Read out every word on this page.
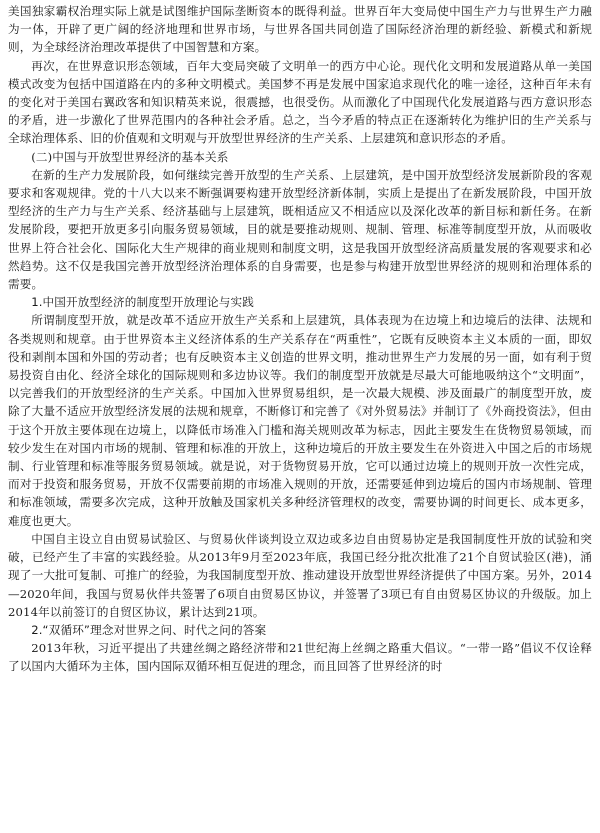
美国独家霸权治理实际上就是试图维护国际垄断资本的既得利益。世界百年大变局使中国生产力与世界生产力融为一体，开辟了更广阔的经济地理和世界市场，与世界各国共同创造了国际经济治理的新经验、新模式和新规则，为全球经济治理改革提供了中国智慧和方案。

再次，在世界意识形态领域，百年大变局突破了文明单一的西方中心论。现代化文明和发展道路从单一美国模式改变为包括中国道路在内的多种文明模式。美国梦不再是发展中国家追求现代化的唯一途径，这种百年未有的变化对于美国右翼政客和知识精英来说，很震撼，也很受伤。从而激化了中国现代化发展道路与西方意识形态的矛盾，进一步激化了世界范围内的各种社会矛盾。总之，当今矛盾的特点正在逐渐转化为维护旧的生产关系与全球治理体系、旧的价值观和文明观与开放型世界经济的生产关系、上层建筑和意识形态的矛盾。

(二)中国与开放型世界经济的基本关系

在新的生产力发展阶段，如何继续完善开放型的生产关系、上层建筑，是中国开放型经济发展新阶段的客观要求和客观规律。党的十八大以来不断强调要构建开放型经济新体制，实质上是提出了在新发展阶段，中国开放型经济的生产力与生产关系、经济基础与上层建筑，既相适应又不相适应以及深化改革的新目标和新任务。在新发展阶段，要把开放更多引向服务贸易领域，目的就是要推动规则、规制、管理、标准等制度型开放，从而吸收世界上符合社会化、国际化大生产规律的商业规则和制度文明，这是我国开放型经济高质量发展的客观要求和必然趋势。这不仅是我国完善开放型经济治理体系的自身需要，也是参与构建开放型世界经济的规则和治理体系的需要。

1.中国开放型经济的制度型开放理论与实践

所谓制度型开放，就是改革不适应开放生产关系和上层建筑，具体表现为在边境上和边境后的法律、法规和各类规则和规章。由于世界资本主义经济体系的生产关系存在“两重性”，它既有反映资本主义本质的一面，即奴役和剥削本国和外国的劳动者；也有反映资本主义创造的世界文明，推动世界生产力发展的另一面，如有利于贸易投资自由化、经济全球化的国际规则和多边协议等。我们的制度型开放就是尽最大可能地吸纳这个“文明面”，以完善我们的开放型经济的生产关系。中国加入世界贸易组织，是一次最大规模、涉及面最广的制度型开放，废除了大量不适应开放型经济发展的法规和规章，不断修订和完善了《对外贸易法》并制订了《外商投资法》，但由于这个开放主要体现在边境上，以降低市场准入门槛和海关规则改革为标志，因此主要发生在货物贸易领域，而较少发生在对国内市场的规制、管理和标准的开放上，这种边境后的开放主要发生在外资进入中国之后的市场规制、行业管理和标准等服务贸易领域。就是说，对于货物贸易开放，它可以通过边境上的规则开放一次性完成，而对于投资和服务贸易，开放不仅需要前期的市场准入规则的开放，还需要延伸到边境后的国内市场规制、管理和标准领域，需要多次完成，这种开放触及国家机关多种经济管理权的改变，需要协调的时间更长、成本更多，难度也更大。

中国自主设立自由贸易试验区、与贸易伙伴谈判设立双边或多边自由贸易协定是我国制度性开放的试验和突破，已经产生了丰富的实践经验。从2013年9月至2023年底，我国已经分批次批准了21个自贸试验区(港)，涌现了一大批可复制、可推广的经验，为我国制度型开放、推动建设开放型世界经济提供了中国方案。另外，2014—2020年间，我国与贸易伙伴共签署了6项自由贸易区协议，并签署了3项已有自由贸易区协议的升级版。加上2014年以前签订的自贸区协议，累计达到21项。

2.“双循环”理念对世界之问、时代之问的答案

2013年秋，习近平提出了共建丝绸之路经济带和21世纪海上丝绸之路重大倡议。“一带一路”倡议不仅诠释了以国内大循环为主体，国内国际双循环相互促进的理念，而且回答了世界经济的时
